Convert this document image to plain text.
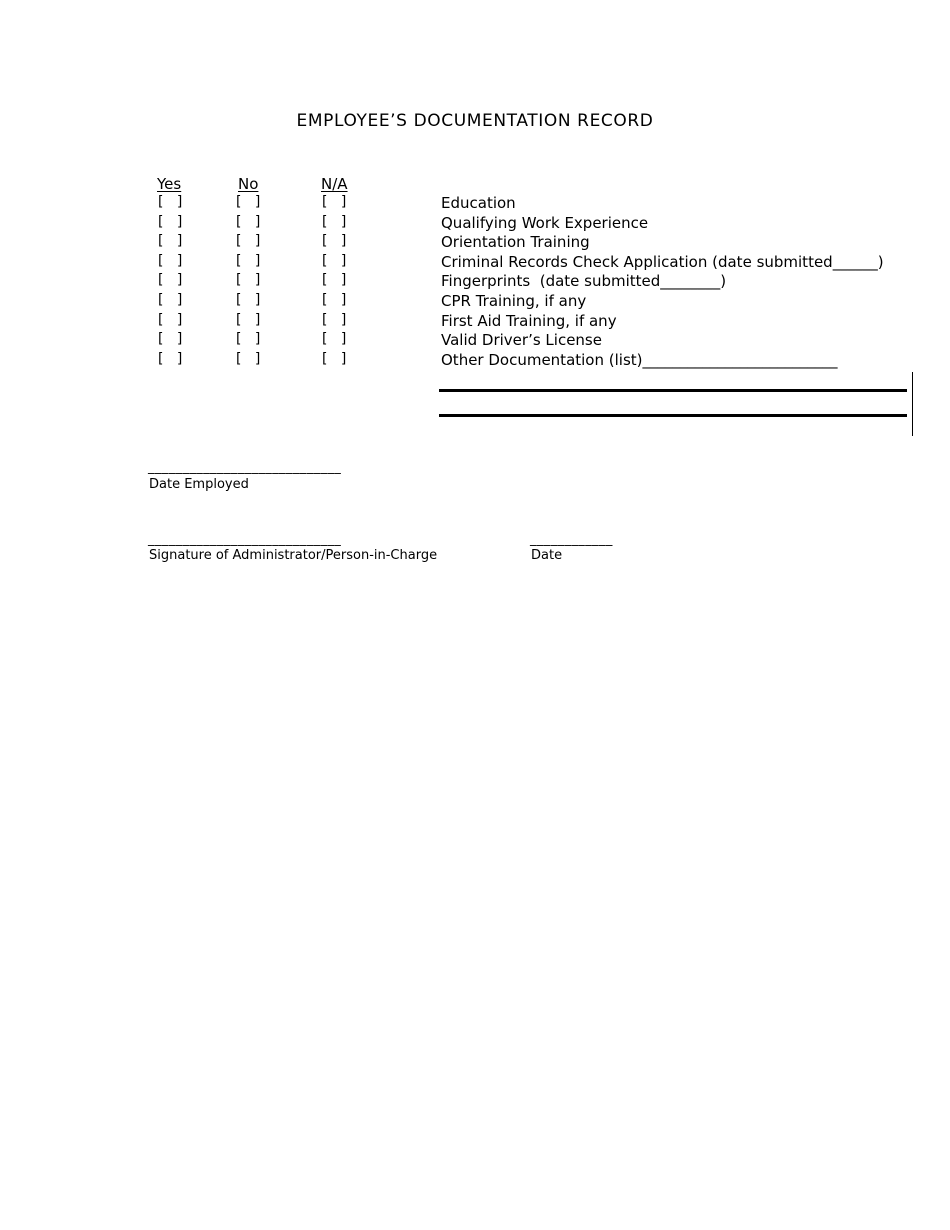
EMPLOYEE’S DOCUMENTATION RECORD
Yes	No	N/A
[   ]	[   ]	[   ]	Education
[   ]	[   ]	[   ]	Qualifying Work Experience
[   ]	[   ]	[   ]	Orientation Training
[   ]	[   ]	[   ]	Criminal Records Check Application (date submitted______)
[   ]	[   ]	[   ]	Fingerprints  (date submitted________)
[   ]	[   ]	[   ]	CPR Training, if any
[   ]	[   ]	[   ]	First Aid Training, if any
[   ]	[   ]	[   ]	Valid Driver’s License
[   ]	[   ]	[   ]	Other Documentation (list)__________________________
____________________________
Date Employed
____________________________
Signature of Administrator/Person-in-Charge
____________
Date
